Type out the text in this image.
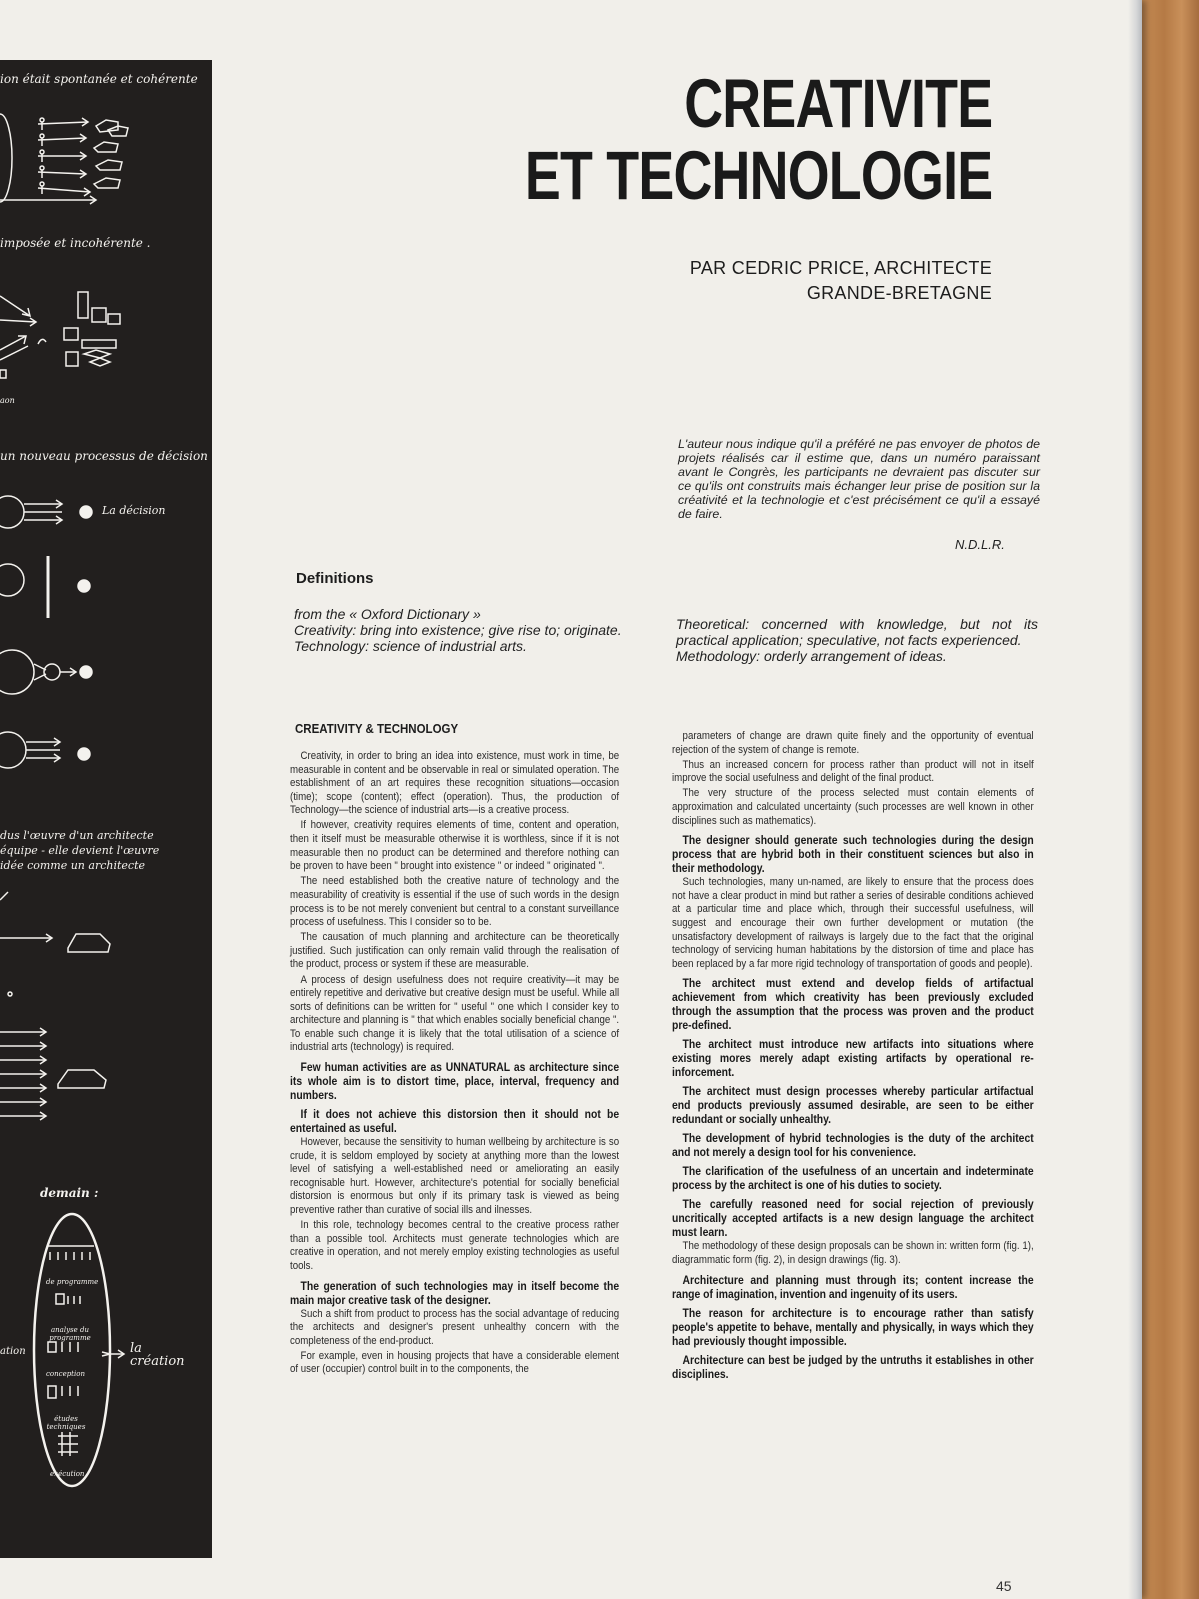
ion était spontanée et cohérente
imposée et incohérente .
aon
un nouveau processus de décision
La décision
dus l'œuvre d'un architecte
équipe - elle devient l'œuvre
idée comme un architecte
demain :
de programme
analyse du programme
conception
études techniques
exécution
la création
ation
CREATIVITE
ET TECHNOLOGIE
PAR CEDRIC PRICE, ARCHITECTE
GRANDE-BRETAGNE
L'auteur nous indique qu'il a préféré ne pas envoyer de photos de projets réalisés car il estime que, dans un numéro paraissant avant le Congrès, les participants ne devraient pas discuter sur ce qu'ils ont construits mais échanger leur prise de position sur la créativité et la technologie et c'est précisément ce qu'il a essayé de faire.
N.D.L.R.
Definitions
from the « Oxford Dictionary »
Creativity: bring into existence; give rise to; originate.
Technology: science of industrial arts.
Theoretical: concerned with knowledge, but not its practical application; speculative, not facts experienced.
Methodology: orderly arrangement of ideas.
CREATIVITY & TECHNOLOGY

Creativity, in order to bring an idea into existence, must work in time, be measurable in content and be observable in real or simulated operation. The establishment of an art requires these recognition situations—occasion (time); scope (content); effect (operation). Thus, the production of Technology—the science of industrial arts—is a creative process.

If however, creativity requires elements of time, content and operation, then it itself must be measurable otherwise it is worthless, since if it is not measurable then no product can be determined and therefore nothing can be proven to have been " brought into existence " or indeed " originated ".

The need established both the creative nature of technology and the measurability of creativity is essential if the use of such words in the design process is to be not merely convenient but central to a constant surveillance process of usefulness. This I consider so to be.

The causation of much planning and architecture can be theoretically justified. Such justification can only remain valid through the realisation of the product, process or system if these are measurable.

A process of design usefulness does not require creativity—it may be entirely repetitive and derivative but creative design must be useful. While all sorts of definitions can be written for " useful " one which I consider key to architecture and planning is " that which enables socially beneficial change ". To enable such change it is likely that the total utilisation of a science of industrial arts (technology) is required.

Few human activities are as UNNATURAL as architecture since its whole aim is to distort time, place, interval, frequency and numbers.

If it does not achieve this distorsion then it should not be entertained as useful.

However, because the sensitivity to human wellbeing by architecture is so crude, it is seldom employed by society at anything more than the lowest level of satisfying a well-established need or ameliorating an easily recognisable hurt. However, architecture's potential for socially beneficial distorsion is enormous but only if its primary task is viewed as being preventive rather than curative of social ills and ilnesses.

In this role, technology becomes central to the creative process rather than a possible tool. Architects must generate technologies which are creative in operation, and not merely employ existing technologies as useful tools.

The generation of such technologies may in itself become the main major creative task of the designer.

Such a shift from product to process has the social advantage of reducing the architects and designer's present unhealthy concern with the completeness of the end-product.

For example, even in housing projects that have a considerable element of user (occupier) control built in to the components, the

parameters of change are drawn quite finely and the opportunity of eventual rejection of the system of change is remote.

Thus an increased concern for process rather than product will not in itself improve the social usefulness and delight of the final product.

The very structure of the process selected must contain elements of approximation and calculated uncertainty (such processes are well known in other disciplines such as mathematics).

The designer should generate such technologies during the design process that are hybrid both in their constituent sciences but also in their methodology.

Such technologies, many un-named, are likely to ensure that the process does not have a clear product in mind but rather a series of desirable conditions achieved at a particular time and place which, through their successful usefulness, will suggest and encourage their own further development or mutation (the unsatisfactory development of railways is largely due to the fact that the original technology of servicing human habitations by the distorsion of time and place has been replaced by a far more rigid technology of transportation of goods and people).

The architect must extend and develop fields of artifactual achievement from which creativity has been previously excluded through the assumption that the process was proven and the product pre-defined.

The architect must introduce new artifacts into situations where existing mores merely adapt existing artifacts by operational re-inforcement.

The architect must design processes whereby particular artifactual end products previously assumed desirable, are seen to be either redundant or socially unhealthy.

The development of hybrid technologies is the duty of the architect and not merely a design tool for his convenience.

The clarification of the usefulness of an uncertain and indeterminate process by the architect is one of his duties to society.

The carefully reasoned need for social rejection of previously uncritically accepted artifacts is a new design language the architect must learn.

The methodology of these design proposals can be shown in: written form (fig. 1), diagrammatic form (fig. 2), in design drawings (fig. 3).

Architecture and planning must through its; content increase the range of imagination, invention and ingenuity of its users.

The reason for architecture is to encourage rather than satisfy people's appetite to behave, mentally and physically, in ways which they had previously thought impossible.

Architecture can best be judged by the untruths it establishes in other disciplines.

45
